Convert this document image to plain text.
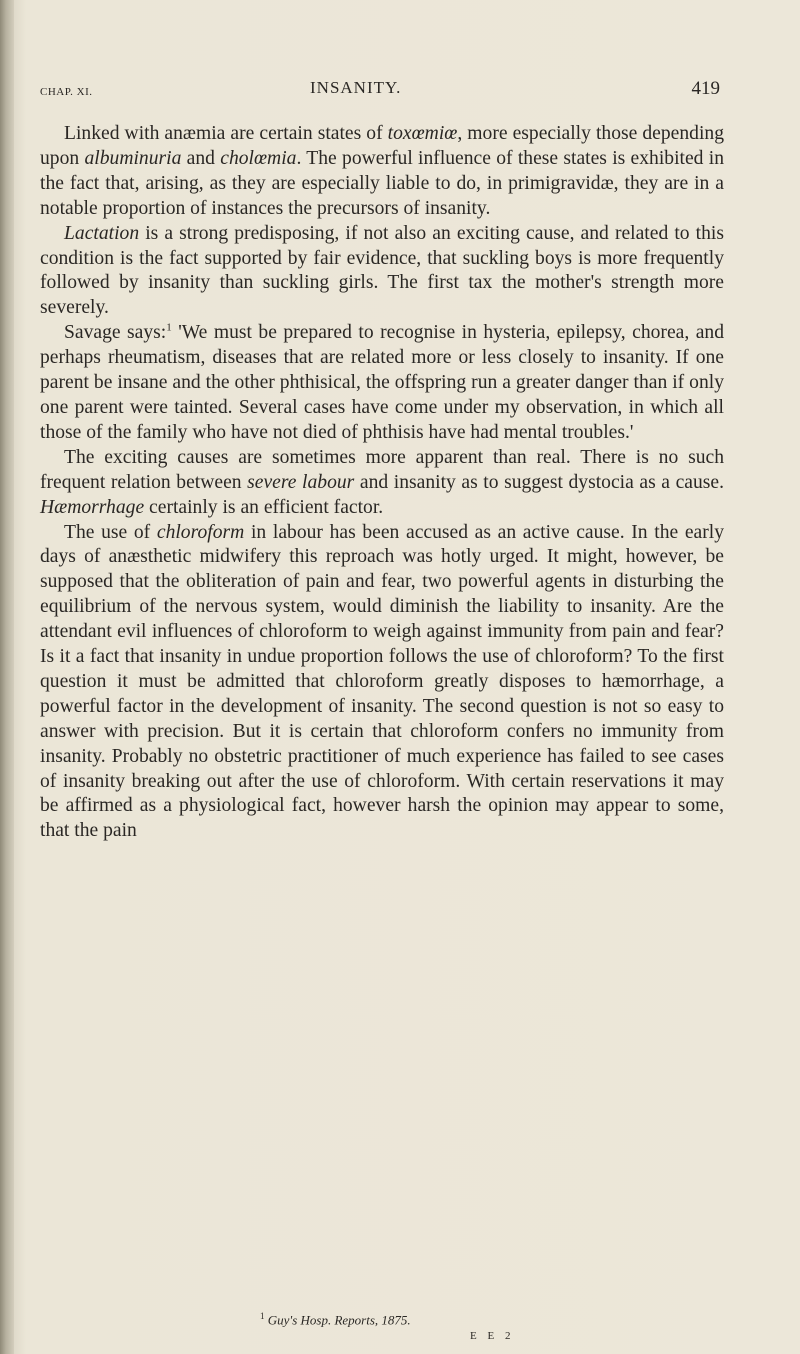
CHAP. XI.	INSANITY.	419

Linked with anæmia are certain states of toxœmiœ, more especially those depending upon albuminuria and cholœmia. The powerful influence of these states is exhibited in the fact that, arising, as they are especially liable to do, in primigravidæ, they are in a notable proportion of instances the precursors of insanity.

Lactation is a strong predisposing, if not also an exciting cause, and related to this condition is the fact supported by fair evidence, that suckling boys is more frequently followed by insanity than suckling girls. The first tax the mother's strength more severely.

Savage says:$^1$ 'We must be prepared to recognise in hysteria, epilepsy, chorea, and perhaps rheumatism, diseases that are related more or less closely to insanity. If one parent be insane and the other phthisical, the offspring run a greater danger than if only one parent were tainted. Several cases have come under my observation, in which all those of the family who have not died of phthisis have had mental troubles.'

The exciting causes are sometimes more apparent than real. There is no such frequent relation between severe labour and insanity as to suggest dystocia as a cause. Hæmorrhage certainly is an efficient factor.

The use of chloroform in labour has been accused as an active cause. In the early days of anæsthetic midwifery this reproach was hotly urged. It might, however, be supposed that the obliteration of pain and fear, two powerful agents in disturbing the equilibrium of the nervous system, would diminish the liability to insanity. Are the attendant evil influences of chloroform to weigh against immunity from pain and fear? Is it a fact that insanity in undue proportion follows the use of chloroform? To the first question it must be admitted that chloroform greatly disposes to hæmorrhage, a powerful factor in the development of insanity. The second question is not so easy to answer with precision. But it is certain that chloroform confers no immunity from insanity. Probably no obstetric practitioner of much experience has failed to see cases of insanity breaking out after the use of chloroform. With certain reservations it may be affirmed as a physiological fact, however harsh the opinion may appear to some, that the pain

$^1$ Guy's Hosp. Reports, 1875.
E E 2
